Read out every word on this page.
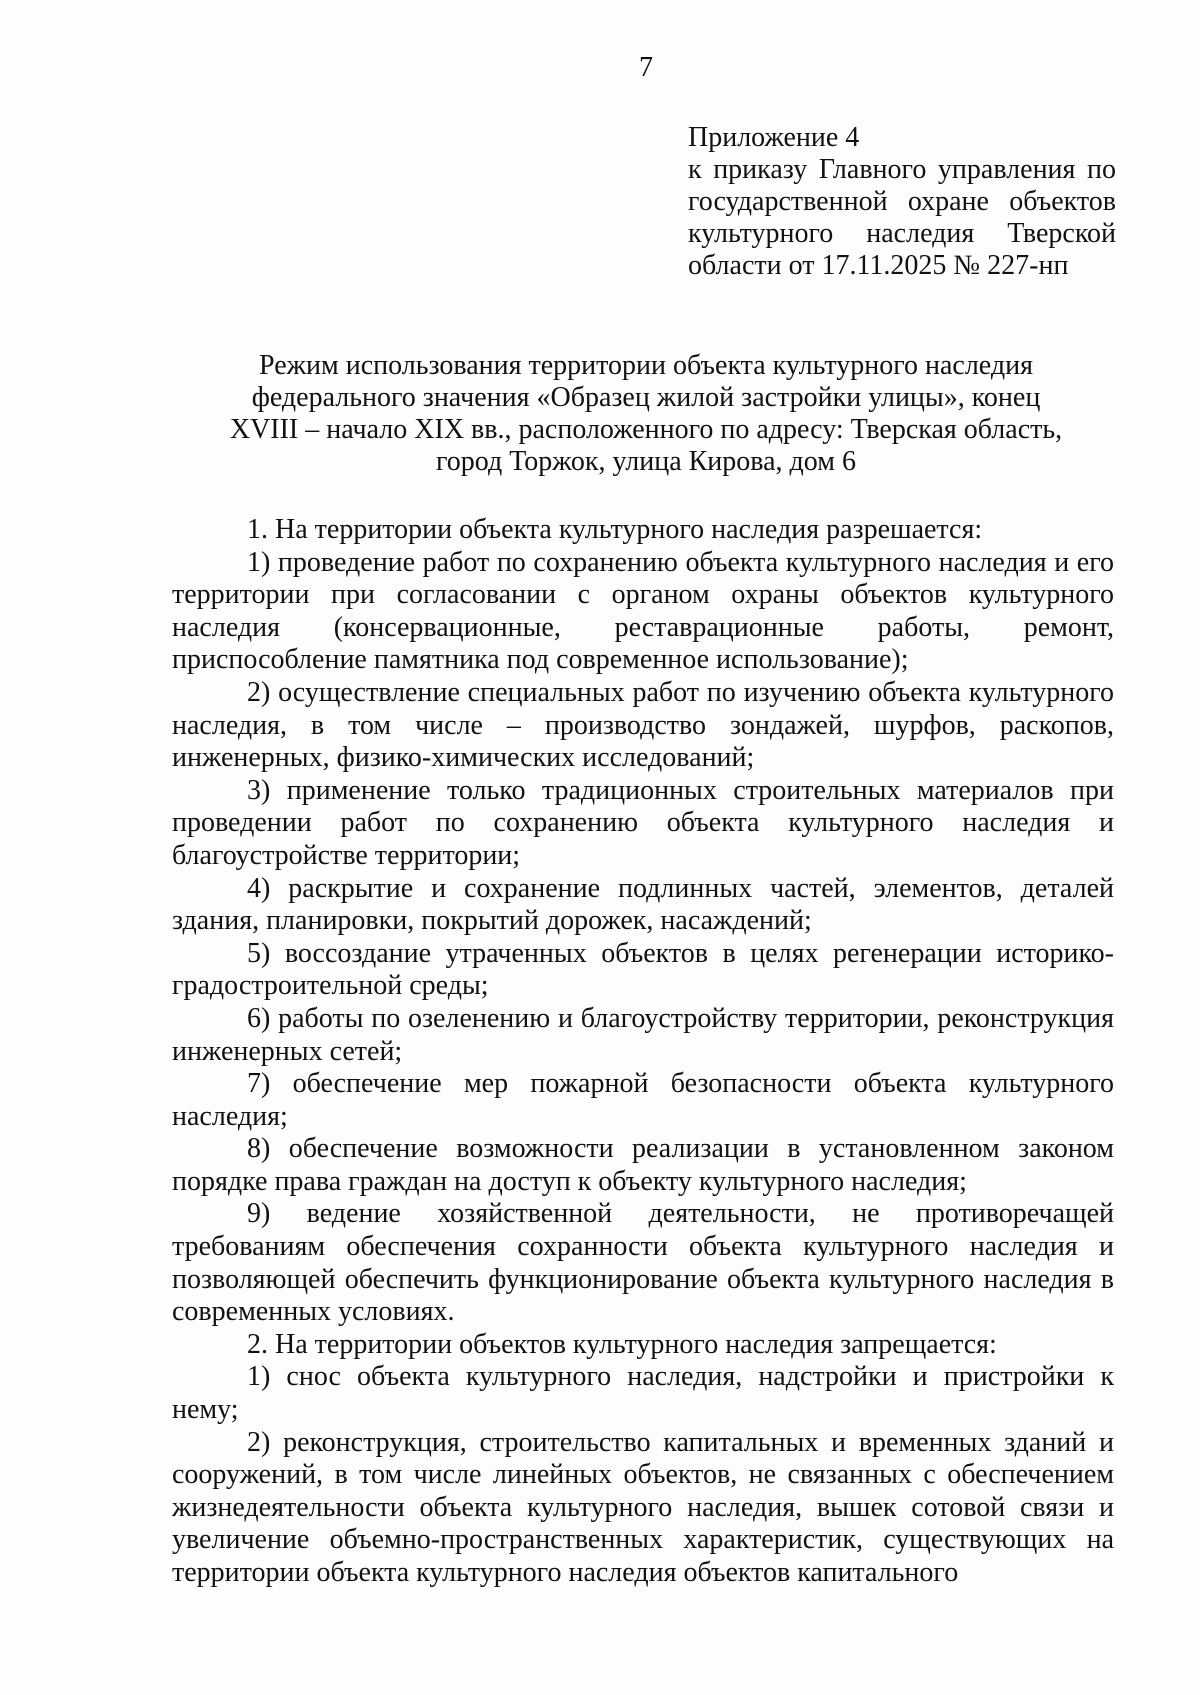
7
Приложение 4
к приказу Главного управления по
государственной охране объектов
культурного наследия Тверской
области от 17.11.2025 № 227-нп
Режим использования территории объекта культурного наследия
федерального значения «Образец жилой застройки улицы», конец
XVIII – начало XIX вв., расположенного по адресу: Тверская область,
город Торжок, улица Кирова, дом 6

1. На территории объекта культурного наследия разрешается:

1) проведение работ по сохранению объекта культурного наследия и его территории при согласовании с органом охраны объектов культурного наследия (консервационные, реставрационные работы, ремонт, приспособление памятника под современное использование);

2) осуществление специальных работ по изучению объекта культурного наследия, в том числе – производство зондажей, шурфов, раскопов, инженерных, физико-химических исследований;

3) применение только традиционных строительных материалов при проведении работ по сохранению объекта культурного наследия и благоустройстве территории;

4) раскрытие и сохранение подлинных частей, элементов, деталей здания, планировки, покрытий дорожек, насаждений;

5) воссоздание утраченных объектов в целях регенерации историко-градостроительной среды;

6) работы по озеленению и благоустройству территории, реконструкция инженерных сетей;

7) обеспечение мер пожарной безопасности объекта культурного наследия;

8) обеспечение возможности реализации в установленном законом порядке права граждан на доступ к объекту культурного наследия;

9) ведение хозяйственной деятельности, не противоречащей требованиям обеспечения сохранности объекта культурного наследия и позволяющей обеспечить функционирование объекта культурного наследия в современных условиях.

2. На территории объектов культурного наследия запрещается:

1) снос объекта культурного наследия, надстройки и пристройки к нему;

2) реконструкция, строительство капитальных и временных зданий и сооружений, в том числе линейных объектов, не связанных с обеспечением жизнедеятельности объекта культурного наследия, вышек сотовой связи и увеличение объемно-пространственных характеристик, существующих на территории объекта культурного наследия объектов капитального
